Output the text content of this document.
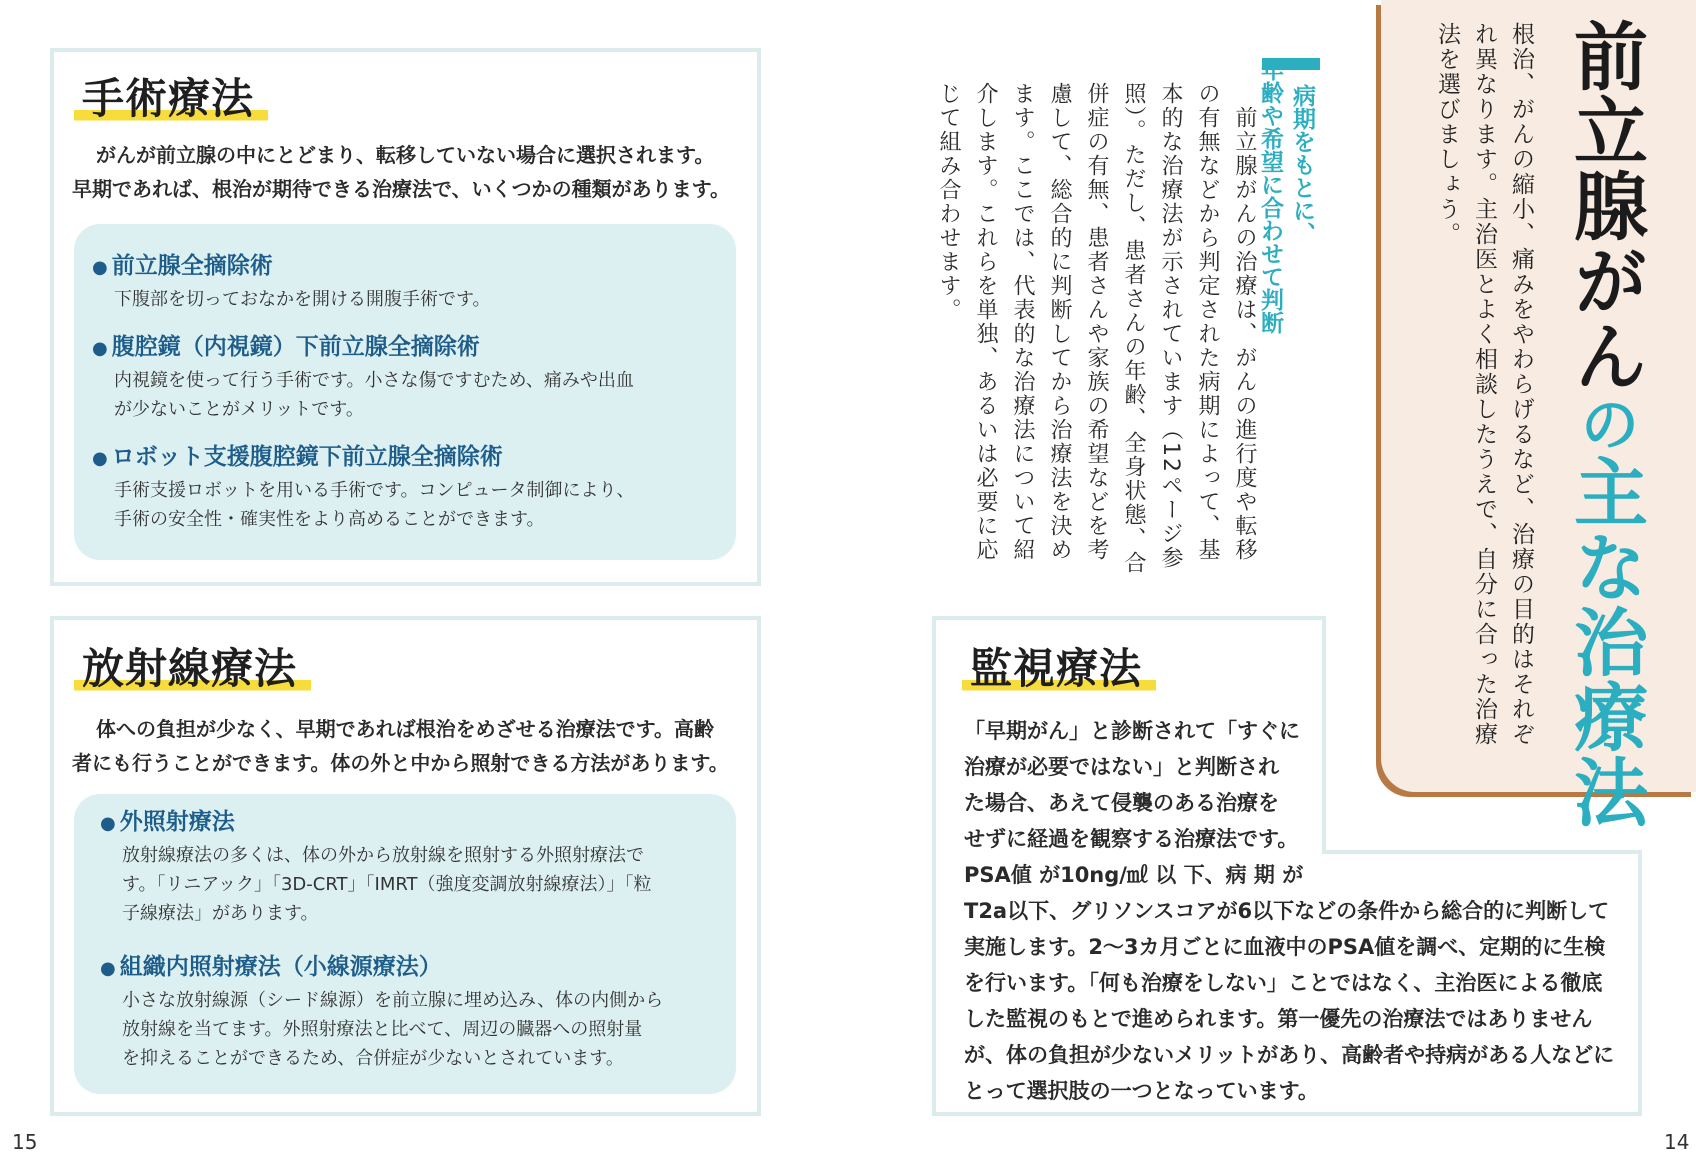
前立腺がんの主な治療法

根治、がんの縮小、痛みをやわらげるなど、治療の目的はそれぞれ異なります。主治医とよく相談したうえで、自分に合った治療法を選びましょう。

病期をもとに、
年齢や希望に合わせて判断

前立腺がんの治療は、がんの進行度や転移の有無などから判定された病期によって、基本的な治療法が示されています（12ページ参照）。ただし、患者さんの年齢、全身状態、合併症の有無、患者さんや家族の希望などを考慮して、総合的に判断してから治療法を決めます。ここでは、代表的な治療法について紹介します。これらを単独、あるいは必要に応じて組み合わせます。

手術療法

がんが前立腺の中にとどまり、転移していない場合に選択されます。
早期であれば、根治が期待できる治療法で、いくつかの種類があります。

● 前立腺全摘除術

下腹部を切っておなかを開ける開腹手術です。

● 腹腔鏡（内視鏡）下前立腺全摘除術

内視鏡を使って行う手術です。小さな傷ですむため、痛みや出血
が少ないことがメリットです。

● ロボット支援腹腔鏡下前立腺全摘除術

手術支援ロボットを用いる手術です。コンピュータ制御により、
手術の安全性・確実性をより高めることができます。

放射線療法

体への負担が少なく、早期であれば根治をめざせる治療法です。高齢
者にも行うことができます。体の外と中から照射できる方法があります。

● 外照射療法

放射線療法の多くは、体の外から放射線を照射する外照射療法で
す。「リニアック」「3D-CRT」「IMRT（強度変調放射線療法）」「粒
子線療法」があります。

● 組織内照射療法（小線源療法）

小さな放射線源（シード線源）を前立腺に埋め込み、体の内側から
放射線を当てます。外照射療法と比べて、周辺の臓器への照射量
を抑えることができるため、合併症が少ないとされています。

監視療法

「早期がん」と診断されて「すぐに
治療が必要ではない」と判断され
た場合、あえて侵襲のある治療を
せずに経過を観察する治療法です。
PSA値 が10ng/㎖ 以 下、病 期 が

T2a以下、グリソンスコアが6以下などの条件から総合的に判断して
実施します。2～3カ月ごとに血液中のPSA値を調べ、定期的に生検
を行います。「何も治療をしない」ことではなく、主治医による徹底
した監視のもとで進められます。第一優先の治療法ではありません
が、体の負担が少ないメリットがあり、高齢者や持病がある人などに
とって選択肢の一つとなっています。

15	14
